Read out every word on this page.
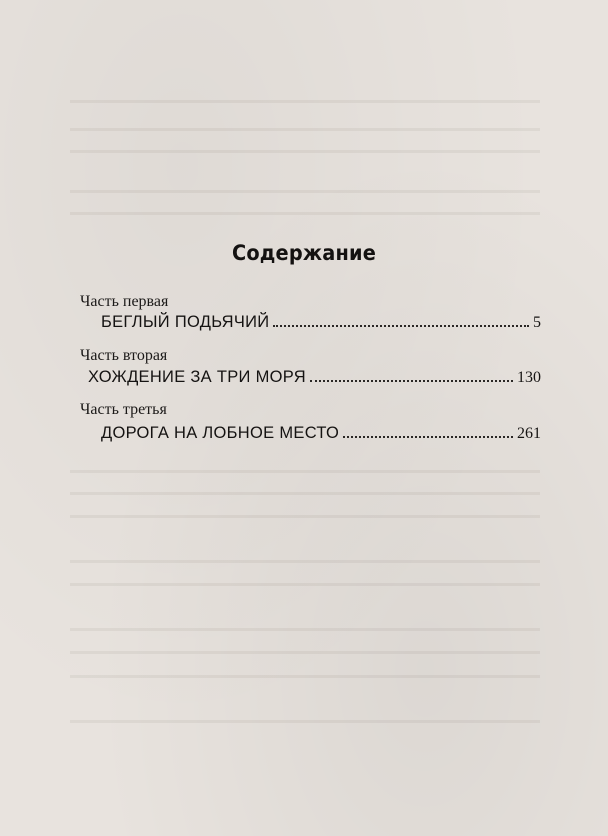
Содержание
Часть первая
БЕГЛЫЙ ПОДЬЯЧИЙ	5
Часть вторая
ХОЖДЕНИЕ ЗА ТРИ МОРЯ	130
Часть третья
ДОРОГА НА ЛОБНОЕ МЕСТО	261
